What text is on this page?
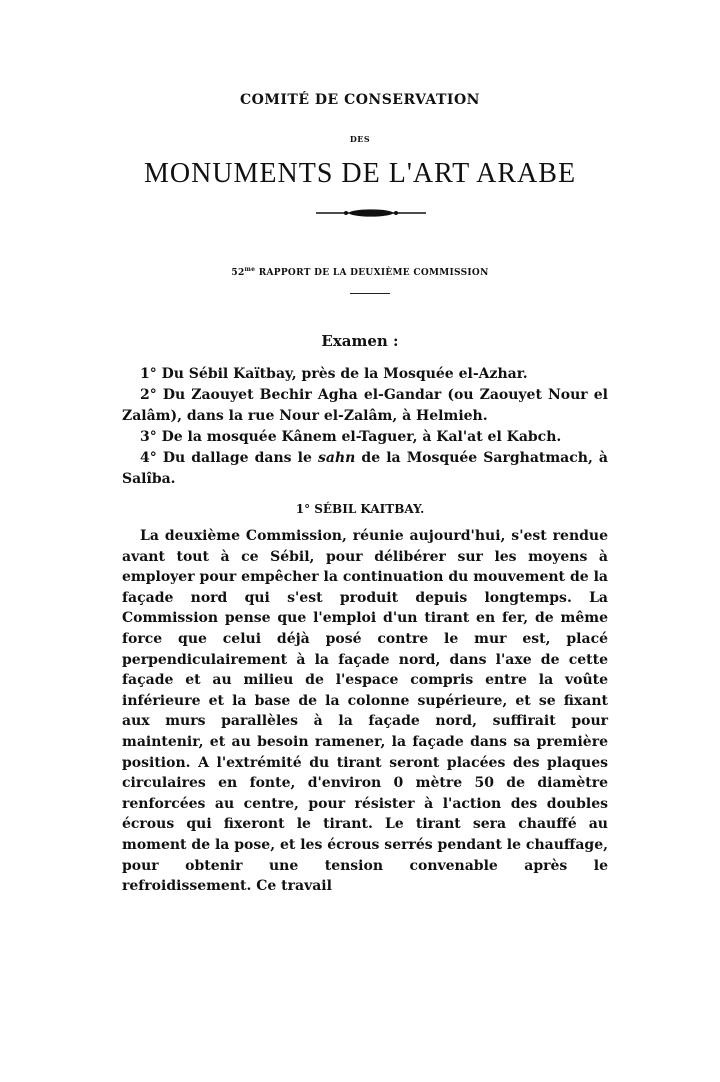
COMITÉ DE CONSERVATION
DES
MONUMENTS DE L'ART ARABE
$52^{me}$ RAPPORT DE LA DEUXIÈME COMMISSION
Examen :
1° Du Sébil Kaïtbay, près de la Mosquée el-Azhar.
2° Du Zaouyet Bechir Agha el-Gandar (ou Zaouyet Nour el Zalâm), dans la rue Nour el-Zalâm, à Helmieh.
3° De la mosquée Kânem el-Taguer, à Kal'at el Kabch.
4° Du dallage dans le sahn de la Mosquée Sarghatmach, à Salîba.
1° SÉBIL KAITBAY.
La deuxième Commission, réunie aujourd'hui, s'est rendue avant tout à ce Sébil, pour délibérer sur les moyens à employer pour empêcher la continuation du mouvement de la façade nord qui s'est produit depuis longtemps. La Commission pense que l'emploi d'un tirant en fer, de même force que celui déjà posé contre le mur est, placé perpendiculairement à la façade nord, dans l'axe de cette façade et au milieu de l'espace compris entre la voûte inférieure et la base de la colonne supérieure, et se fixant aux murs parallèles à la façade nord, suffirait pour maintenir, et au besoin ramener, la façade dans sa première position. A l'extrémité du tirant seront placées des plaques circulaires en fonte, d'environ 0 mètre 50 de diamètre renforcées au centre, pour résister à l'action des doubles écrous qui fixeront le tirant. Le tirant sera chauffé au moment de la pose, et les écrous serrés pendant le chauffage, pour obtenir une tension convenable après le refroidissement. Ce travail
